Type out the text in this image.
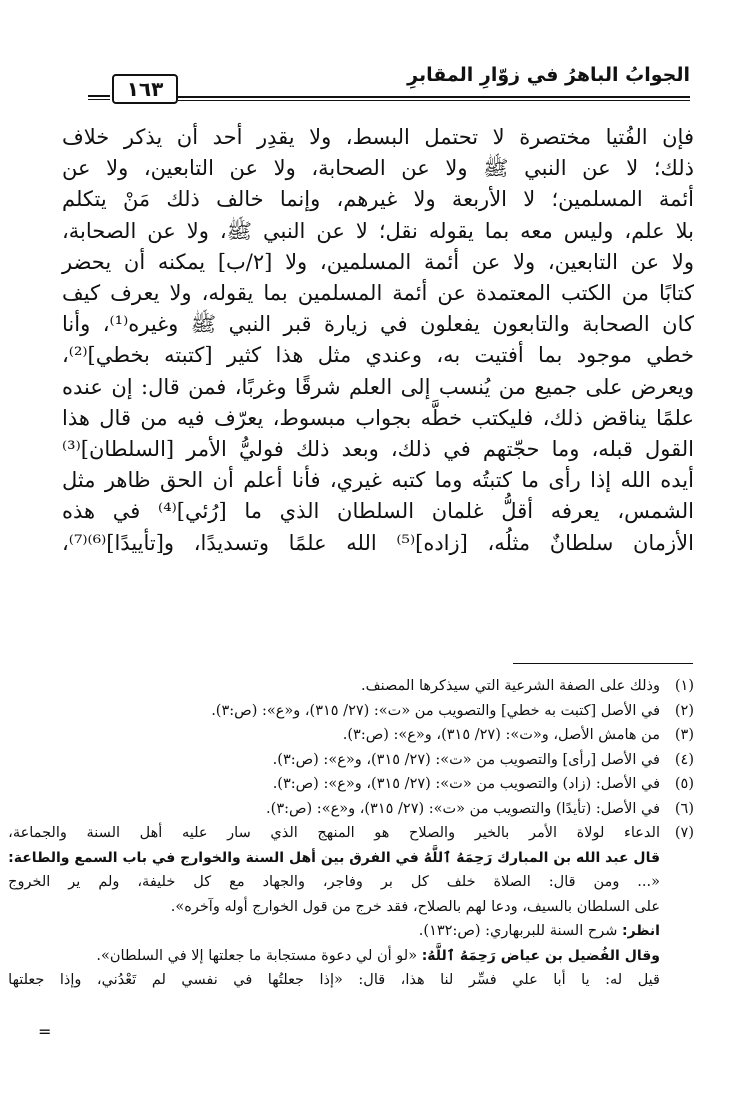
الجوابُ الباهرُ في زوّارِ المقابرِ
١٦٣
فإن الفُتيا مختصرة لا تحتمل البسط، ولا يقدِر أحد أن يذكر خلاف
ذلك؛ لا عن النبي ﷺ ولا عن الصحابة، ولا عن التابعين، ولا عن
أئمة المسلمين؛ لا الأربعة ولا غيرهم، وإنما خالف ذلك مَنْ يتكلم
بلا علم، وليس معه بما يقوله نقل؛ لا عن النبي ﷺ، ولا عن الصحابة،
ولا عن التابعين، ولا عن أئمة المسلمين، ولا [٢/ب] يمكنه أن يحضر
كتابًا من الكتب المعتمدة عن أئمة المسلمين بما يقوله، ولا يعرف كيف
كان الصحابة والتابعون يفعلون في زيارة قبر النبي ﷺ وغيره⁽¹⁾، وأنا
خطي موجود بما أفتيت به، وعندي مثل هذا كثير [كتبته بخطي]⁽²⁾،
ويعرض على جميع من يُنسب إلى العلم شرقًا وغربًا، فمن قال: إن عنده
علمًا يناقض ذلك، فليكتب خطَّه بجواب مبسوط، يعرّف فيه من قال هذا
القول قبله، وما حجّتهم في ذلك، وبعد ذلك فوليُّ الأمر [السلطان]⁽³⁾
أيده الله إذا رأى ما كتبتُه وما كتبه غيري، فأنا أعلم أن الحق ظاهر مثل
الشمس، يعرفه أقلُّ غلمان السلطان الذي ما [رُئي]⁽⁴⁾ في هذه
الأزمان سلطانٌ مثلُه، [زاده]⁽⁵⁾ الله علمًا وتسديدًا، و[تأييدًا]⁽⁶⁾⁽⁷⁾،
(١)
وذلك على الصفة الشرعية التي سيذكرها المصنف.
(٢)
في الأصل [كتبت به خطي] والتصويب من «ت»: (٢٧/ ٣١٥)، و«ع»: (ص:٣).
(٣)
من هامش الأصل، و«ت»: (٢٧/ ٣١٥)، و«ع»: (ص:٣).
(٤)
في الأصل [رأى] والتصويب من «ت»: (٢٧/ ٣١٥)، و«ع»: (ص:٣).
(٥)
في الأصل: (زاد) والتصويب من «ت»: (٢٧/ ٣١٥)، و«ع»: (ص:٣).
(٦)
في الأصل: (تأيدًا) والتصويب من «ت»: (٢٧/ ٣١٥)، و«ع»: (ص:٣).
(٧)
الدعاء لولاة الأمر بالخير والصلاح هو المنهج الذي سار عليه أهل السنة والجماعة،
قال عبد الله بن المبارك رَحِمَهُ ٱللَّهُ في الفرق بين أهل السنة والخوارج في باب السمع والطاعة:
«... ومن قال: الصلاة خلف كل بر وفاجر، والجهاد مع كل خليفة، ولم ير الخروج
على السلطان بالسيف، ودعا لهم بالصلاح، فقد خرج من قول الخوارج أوله وآخره».
انظر: شرح السنة للبربهاري: (ص:١٣٢).
وقال الفُضيل بن عياض رَحِمَهُ ٱللَّهُ: «لو أن لي دعوة مستجابة ما جعلتها إلا في السلطان».
قيل له: يا أبا علي فسِّر لنا هذا، قال: «إذا جعلتُها في نفسي لم تَعْدُني، وإذا جعلتها
=
